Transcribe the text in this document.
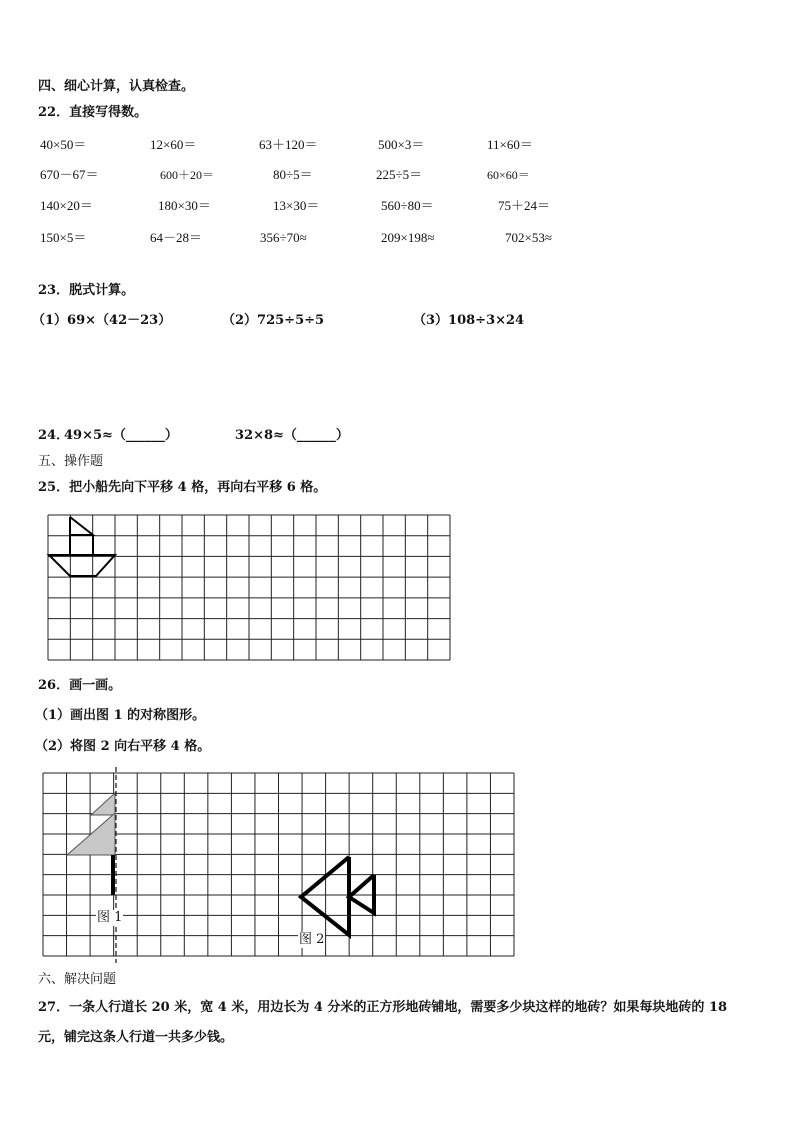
四、细心计算，认真检查。
22．直接写得数。
40×50＝	12×60＝	63＋120＝	500×3＝	11×60＝
670－67＝	600＋20＝	80÷5＝	225÷5＝	60×60＝
140×20＝	180×30＝	13×30＝	560÷80＝	75＋24＝
150×5＝	64－28＝	356÷70≈	209×198≈	702×53≈
23．脱式计算。
（1）69×（42－23）	（2）725÷5÷5	（3）108÷3×24
24．
49×5≈（______）	32×8≈（______）
五、操作题
25．把小船先向下平移 4 格，再向右平移 6 格。
26．画一画。
（1）画出图 1 的对称图形。
（2）将图 2 向右平移 4 格。
图 1
图 2
六、解决问题
27．一条人行道长 20 米，宽 4 米，用边长为 4 分米的正方形地砖铺地，需要多少块这样的地砖？如果每块地砖的 18
元，铺完这条人行道一共多少钱。
